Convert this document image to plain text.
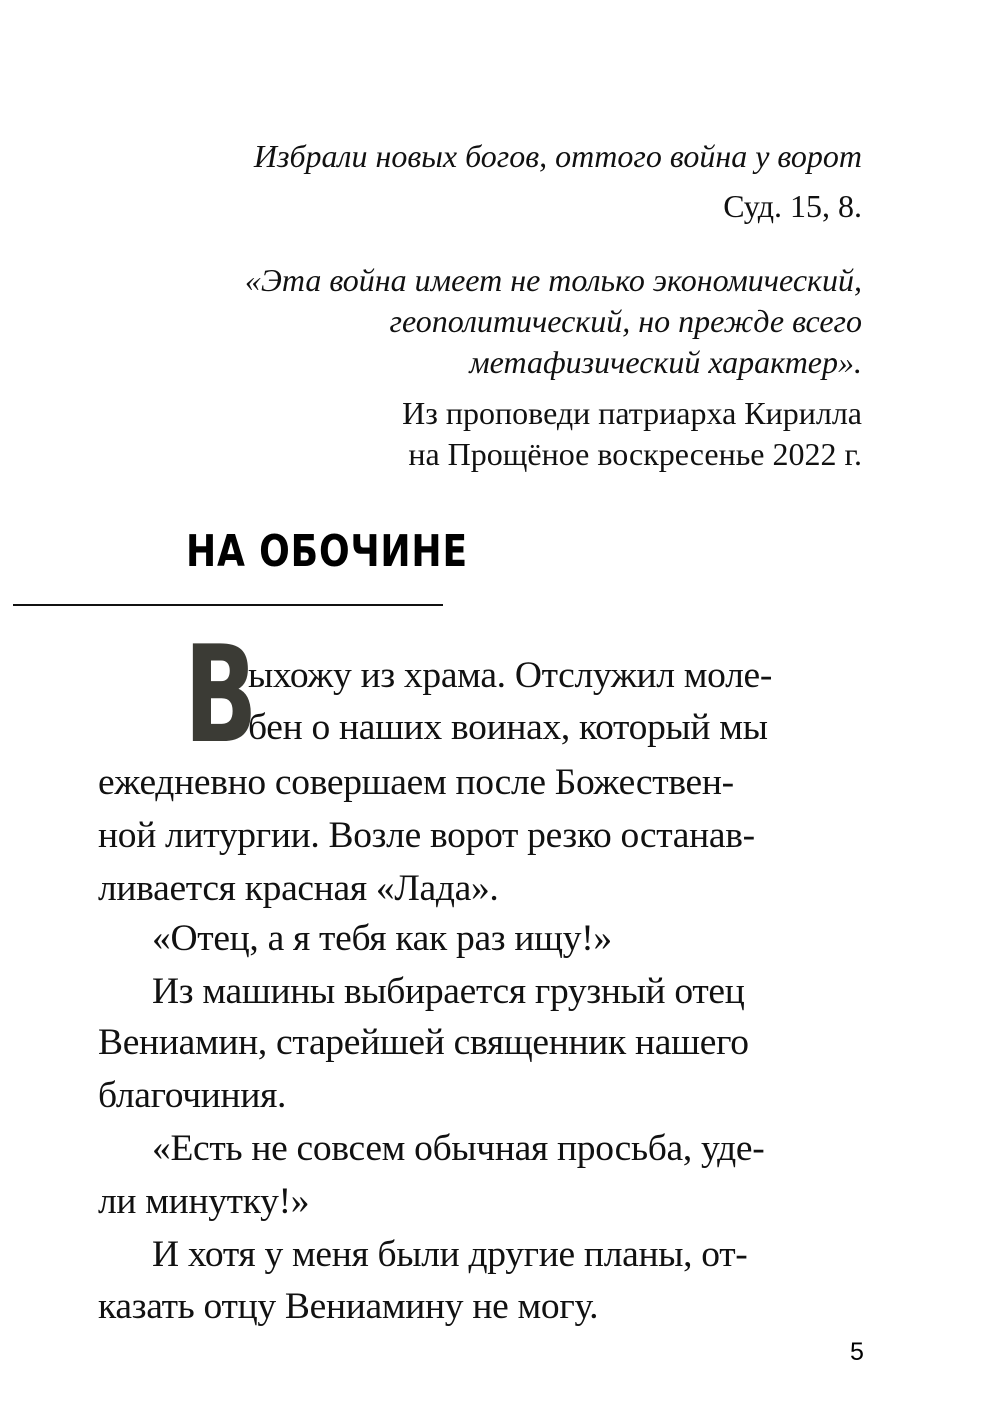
Избрали новых богов, оттого война у ворот
Суд. 15, 8.
«Эта война имеет не только экономический,
геополитический, но прежде всего
метафизический характер».
Из проповеди патриарха Кирилла
на Прощёное воскресенье 2022 г.
НА ОБОЧИНЕ
В
ыхожу из храма. Отслужил моле-
бен о наших воинах, который мы
ежедневно совершаем после Божествен-
ной литургии. Возле ворот резко останав-
ливается красная «Лада».
«Отец, а я тебя как раз ищу!»
Из машины выбирается грузный отец
Вениамин, старейшей священник нашего
благочиния.
«Есть не совсем обычная просьба, уде-
ли минутку!»
И хотя у меня были другие планы, от-
казать отцу Вениамину не могу.
5
